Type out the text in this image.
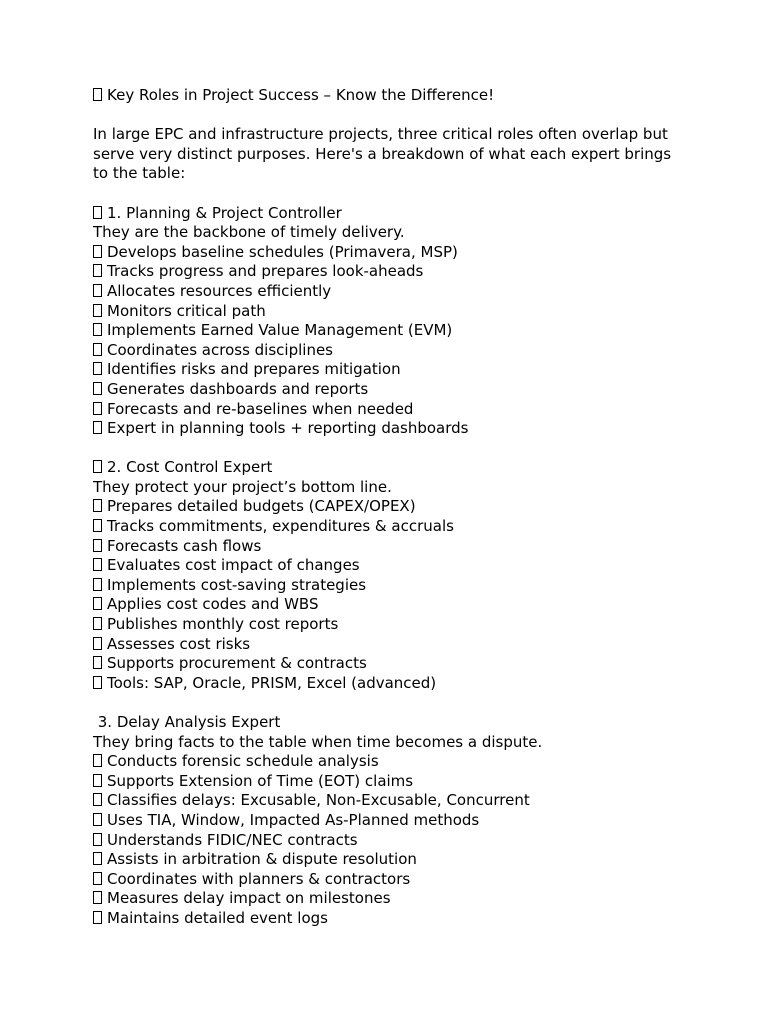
Key Roles in Project Success – Know the Difference!
In large EPC and infrastructure projects, three critical roles often overlap but serve very distinct purposes. Here's a breakdown of what each expert brings to the table:
1. Planning & Project Controller
They are the backbone of timely delivery.
Develops baseline schedules (Primavera, MSP)
Tracks progress and prepares look-aheads
Allocates resources efficiently
Monitors critical path
Implements Earned Value Management (EVM)
Coordinates across disciplines
Identifies risks and prepares mitigation
Generates dashboards and reports
Forecasts and re-baselines when needed
Expert in planning tools + reporting dashboards
2. Cost Control Expert
They protect your project’s bottom line.
Prepares detailed budgets (CAPEX/OPEX)
Tracks commitments, expenditures & accruals
Forecasts cash flows
Evaluates cost impact of changes
Implements cost-saving strategies
Applies cost codes and WBS
Publishes monthly cost reports
Assesses cost risks
Supports procurement & contracts
Tools: SAP, Oracle, PRISM, Excel (advanced)
3. Delay Analysis Expert
They bring facts to the table when time becomes a dispute.
Conducts forensic schedule analysis
Supports Extension of Time (EOT) claims
Classifies delays: Excusable, Non-Excusable, Concurrent
Uses TIA, Window, Impacted As-Planned methods
Understands FIDIC/NEC contracts
Assists in arbitration & dispute resolution
Coordinates with planners & contractors
Measures delay impact on milestones
Maintains detailed event logs
